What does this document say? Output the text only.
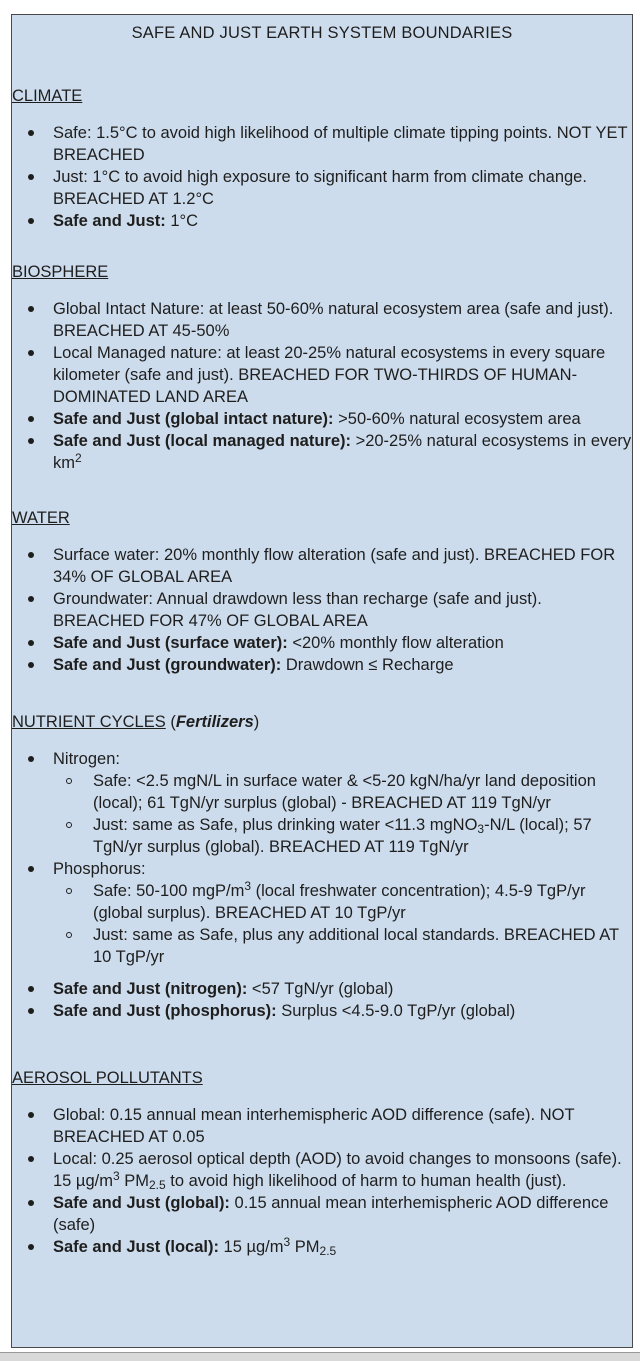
SAFE AND JUST EARTH SYSTEM BOUNDARIES
CLIMATE
Safe: 1.5°C to avoid high likelihood of multiple climate tipping points. NOT YET BREACHED
Just: 1°C to avoid high exposure to significant harm from climate change. BREACHED AT 1.2°C
Safe and Just: 1°C
BIOSPHERE
Global Intact Nature: at least 50-60% natural ecosystem area (safe and just). BREACHED AT 45-50%
Local Managed nature: at least 20-25% natural ecosystems in every square kilometer (safe and just). BREACHED FOR TWO-THIRDS OF HUMAN-DOMINATED LAND AREA
Safe and Just (global intact nature): >50-60% natural ecosystem area
Safe and Just (local managed nature): >20-25% natural ecosystems in every $km^2$
WATER
Surface water: 20% monthly flow alteration (safe and just). BREACHED FOR 34% OF GLOBAL AREA
Groundwater: Annual drawdown less than recharge (safe and just). BREACHED FOR 47% OF GLOBAL AREA
Safe and Just (surface water): <20% monthly flow alteration
Safe and Just (groundwater): Drawdown ≤ Recharge
NUTRIENT CYCLES (Fertilizers)
Nitrogen:
Safe: <2.5 mgN/L in surface water & <5-20 kgN/ha/yr land deposition (local); 61 TgN/yr surplus (global) - BREACHED AT 119 TgN/yr
Just: same as Safe, plus drinking water <11.3 mgNO$_3$-N/L (local); 57 TgN/yr surplus (global). BREACHED AT 119 TgN/yr
Phosphorus:
Safe: 50-100 mgP/$m^3$ (local freshwater concentration); 4.5-9 TgP/yr (global surplus). BREACHED AT 10 TgP/yr
Just: same as Safe, plus any additional local standards. BREACHED AT 10 TgP/yr
Safe and Just (nitrogen): <57 TgN/yr (global)
Safe and Just (phosphorus): Surplus <4.5-9.0 TgP/yr (global)
AEROSOL POLLUTANTS
Global: 0.15 annual mean interhemispheric AOD difference (safe). NOT BREACHED AT 0.05
Local: 0.25 aerosol optical depth (AOD) to avoid changes to monsoons (safe). 15 $\mu g/m^3$ $PM_{2.5}$ to avoid high likelihood of harm to human health (just).
Safe and Just (global): 0.15 annual mean interhemispheric AOD difference (safe)
Safe and Just (local): 15 $\mu g/m^3$ $PM_{2.5}$
